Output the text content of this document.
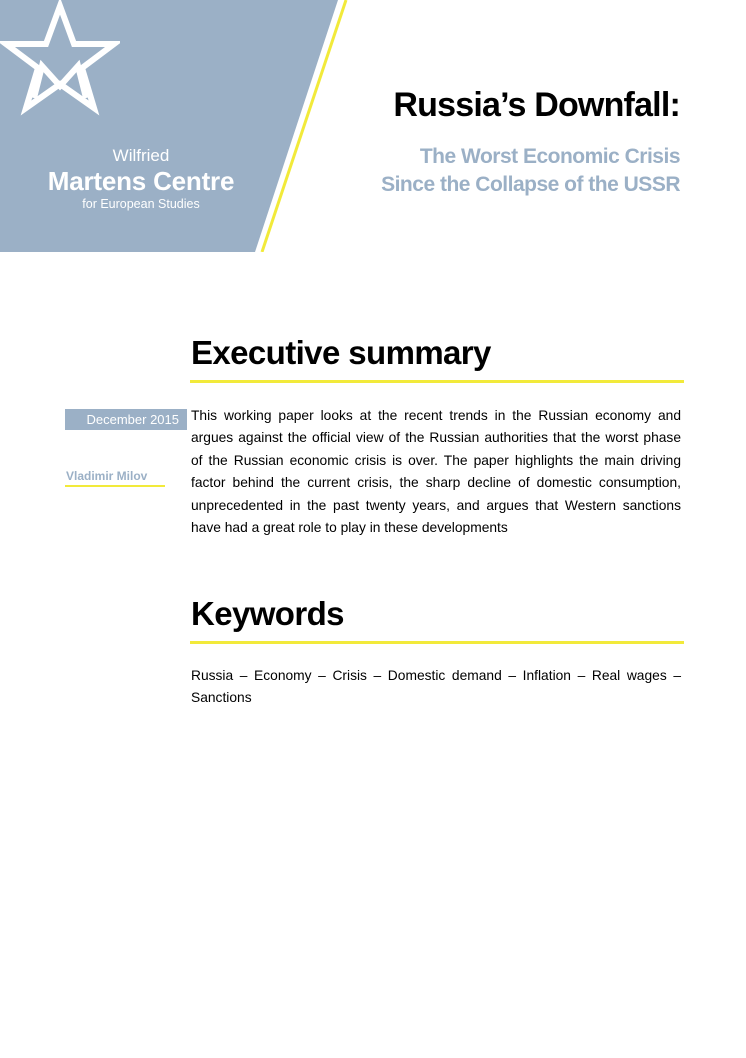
Wilfried
Martens Centre
for European Studies
Russia’s Downfall:
The Worst Economic Crisis
Since the Collapse of the USSR
Executive summary
December 2015
Vladimir Milov

This working paper looks at the recent trends in the Russian economy and argues against the official view of the Russian authorities that the worst phase of the Russian economic crisis is over. The paper highlights the main driving factor behind the current crisis, the sharp decline of domestic consumption, unprecedented in the past twenty years, and argues that Western sanctions have had a great role to play in these developments

Keywords

Russia – Economy – Crisis – Domestic demand – Inflation – Real wages – Sanctions
